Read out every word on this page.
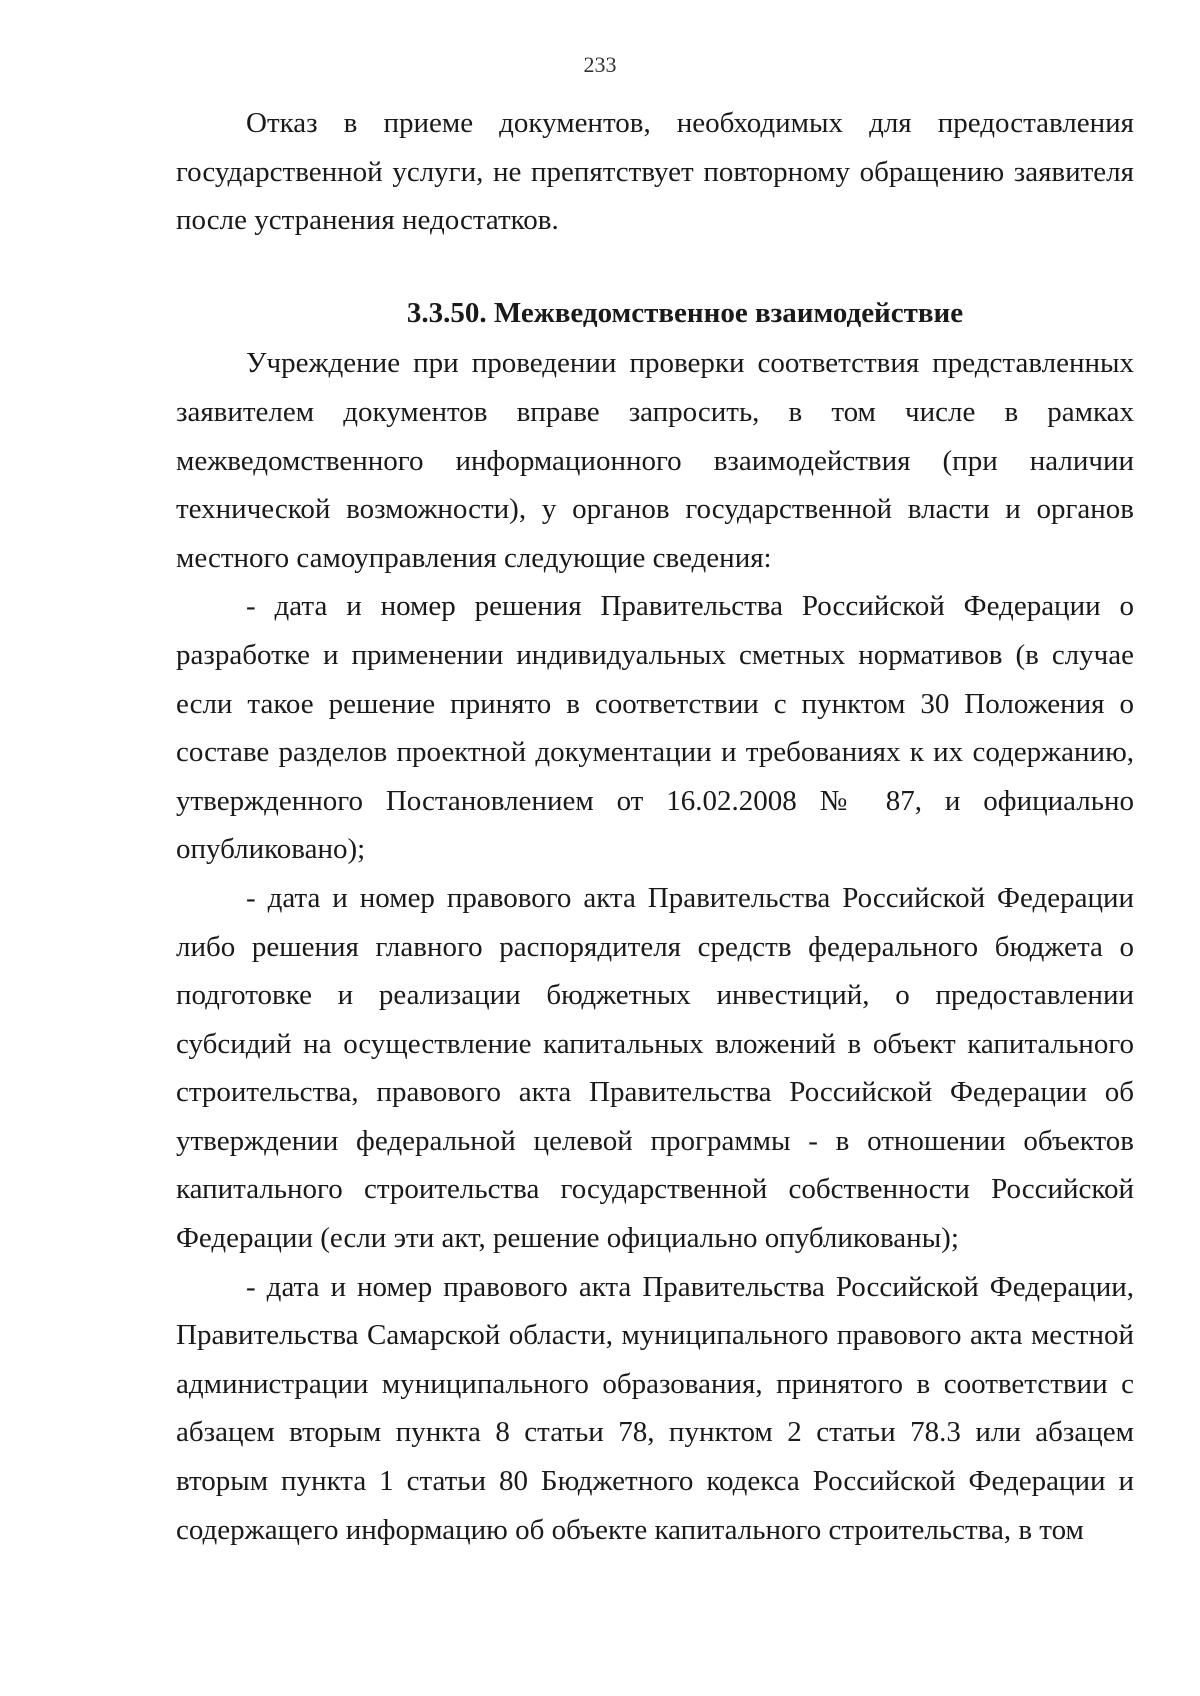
233

Отказ в приеме документов, необходимых для предоставления государственной услуги, не препятствует повторному обращению заявителя после устранения недостатков.

3.3.50. Межведомственное взаимодействие

Учреждение при проведении проверки соответствия представленных заявителем документов вправе запросить, в том числе в рамках межведомственного информационного взаимодействия (при наличии технической возможности), у органов государственной власти и органов местного самоуправления следующие сведения:

- дата и номер решения Правительства Российской Федерации о разработке и применении индивидуальных сметных нормативов (в случае если такое решение принято в соответствии с пунктом 30 Положения о составе разделов проектной документации и требованиях к их содержанию, утвержденного Постановлением от 16.02.2008 № 87, и официально опубликовано);

- дата и номер правового акта Правительства Российской Федерации либо решения главного распорядителя средств федерального бюджета о подготовке и реализации бюджетных инвестиций, о предоставлении субсидий на осуществление капитальных вложений в объект капитального строительства, правового акта Правительства Российской Федерации об утверждении федеральной целевой программы - в отношении объектов капитального строительства государственной собственности Российской Федерации (если эти акт, решение официально опубликованы);

- дата и номер правового акта Правительства Российской Федерации, Правительства Самарской области, муниципального правового акта местной администрации муниципального образования, принятого в соответствии с абзацем вторым пункта 8 статьи 78, пунктом 2 статьи 78.3 или абзацем вторым пункта 1 статьи 80 Бюджетного кодекса Российской Федерации и содержащего информацию об объекте капитального строительства, в том
